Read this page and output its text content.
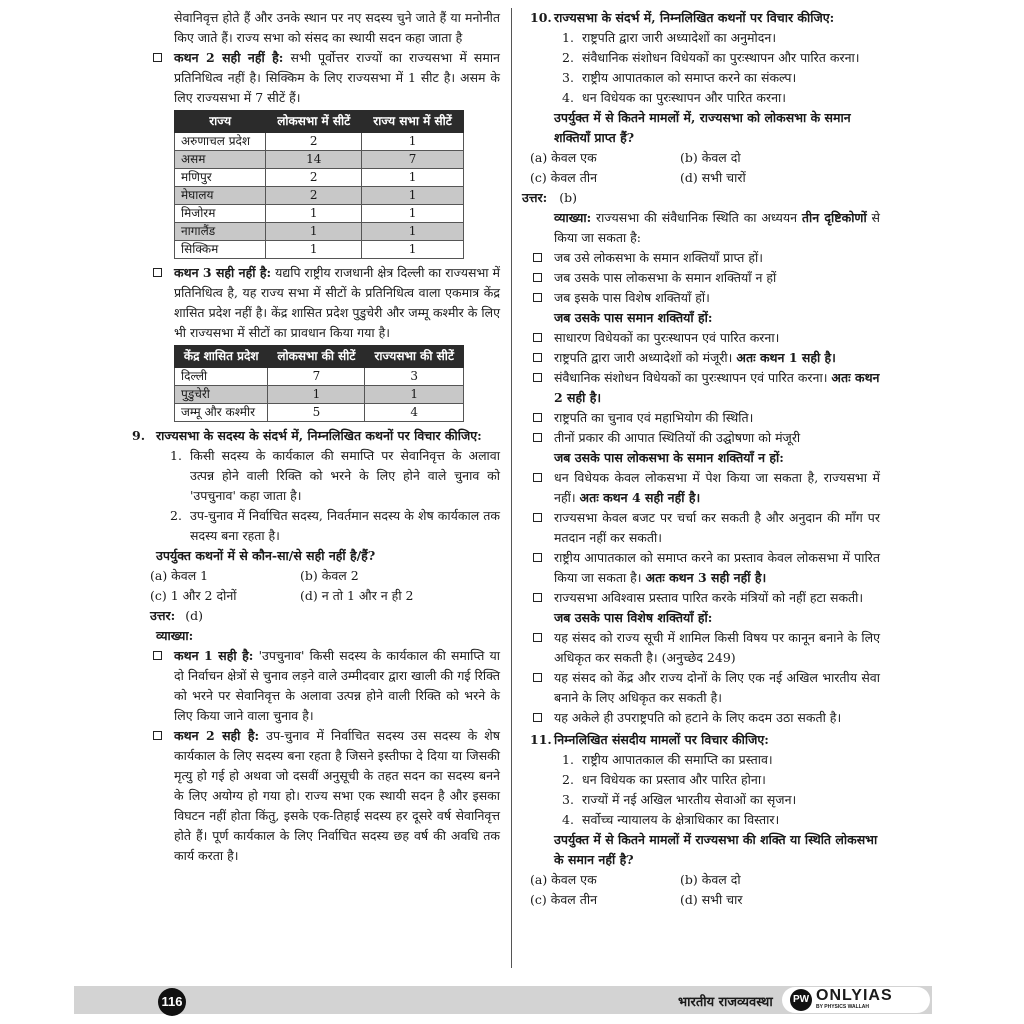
सेवानिवृत्त होते हैं और उनके स्थान पर नए सदस्य चुने जाते हैं या मनोनीत किए जाते हैं। राज्य सभा को संसद का स्थायी सदन कहा जाता है

कथन 2 सही नहीं है: सभी पूर्वोत्तर राज्यों का राज्यसभा में समान प्रतिनिधित्व नहीं है। सिक्किम के लिए राज्यसभा में 1 सीट है। असम के लिए राज्यसभा में 7 सीटें हैं।
राज्य	लोकसभा में सीटें	राज्य सभा में सीटें
अरुणाचल प्रदेश	2	1
असम	14	7
मणिपुर	2	1
मेघालय	2	1
मिजोरम	1	1
नागालैंड	1	1
सिक्किम	1	1
कथन 3 सही नहीं है: यद्यपि राष्ट्रीय राजधानी क्षेत्र दिल्ली का राज्यसभा में प्रतिनिधित्व है, यह राज्य सभा में सीटों के प्रतिनिधित्व वाला एकमात्र केंद्र शासित प्रदेश नहीं है। केंद्र शासित प्रदेश पुडुचेरी और जम्मू कश्मीर के लिए भी राज्यसभा में सीटों का प्रावधान किया गया है।
केंद्र शासित प्रदेश	लोकसभा की सीटें	राज्यसभा की सीटें
दिल्ली	7	3
पुडुचेरी	1	1
जम्मू और कश्मीर	5	4
9. राज्यसभा के सदस्य के संदर्भ में, निम्नलिखित कथनों पर विचार कीजिए:
1. किसी सदस्य के कार्यकाल की समाप्ति पर सेवानिवृत्त के अलावा उत्पन्न होने वाली रिक्ति को भरने के लिए होने वाले चुनाव को 'उपचुनाव' कहा जाता है।
2. उप-चुनाव में निर्वाचित सदस्य, निवर्तमान सदस्य के शेष कार्यकाल तक सदस्य बना रहता है।

उपर्युक्त कथनों में से कौन-सा/से सही नहीं है/हैं?

(a) केवल 1	(b) केवल 2
(c) 1 और 2 दोनों	(d) न तो 1 और न ही 2
उत्तर: (d)

व्याख्या:

कथन 1 सही है: 'उपचुनाव' किसी सदस्य के कार्यकाल की समाप्ति या दो निर्वाचन क्षेत्रों से चुनाव लड़ने वाले उम्मीदवार द्वारा खाली की गई रिक्ति को भरने पर सेवानिवृत्त के अलावा उत्पन्न होने वाली रिक्ति को भरने के लिए किया जाने वाला चुनाव है।
कथन 2 सही है: उप-चुनाव में निर्वाचित सदस्य उस सदस्य के शेष कार्यकाल के लिए सदस्य बना रहता है जिसने इस्तीफा दे दिया या जिसकी मृत्यु हो गई हो अथवा जो दसवीं अनुसूची के तहत सदन का सदस्य बनने के लिए अयोग्य हो गया हो। राज्य सभा एक स्थायी सदन है और इसका विघटन नहीं होता किंतु, इसके एक-तिहाई सदस्य हर दूसरे वर्ष सेवानिवृत्त होते हैं। पूर्ण कार्यकाल के लिए निर्वाचित सदस्य छह वर्ष की अवधि तक कार्य करता है।
10. राज्यसभा के संदर्भ में, निम्नलिखित कथनों पर विचार कीजिए:
1. राष्ट्रपति द्वारा जारी अध्यादेशों का अनुमोदन।
2. संवैधानिक संशोधन विधेयकों का पुरःस्थापन और पारित करना।
3. राष्ट्रीय आपातकाल को समाप्त करने का संकल्प।
4. धन विधेयक का पुरःस्थापन और पारित करना।

उपर्युक्त में से कितने मामलों में, राज्यसभा को लोकसभा के समान शक्तियाँ प्राप्त हैं?

(a) केवल एक	(b) केवल दो
(c) केवल तीन	(d) सभी चारों
उत्तर: (b)

व्याख्या: राज्यसभा की संवैधानिक स्थिति का अध्ययन तीन दृष्टिकोणों से किया जा सकता है:

जब उसे लोकसभा के समान शक्तियाँ प्राप्त हों।
जब उसके पास लोकसभा के समान शक्तियाँ न हों
जब इसके पास विशेष शक्तियाँ हों।

जब उसके पास समान शक्तियाँ हों:

साधारण विधेयकों का पुरःस्थापन एवं पारित करना।
राष्ट्रपति द्वारा जारी अध्यादेशों को मंजूरी। अतः कथन 1 सही है।
संवैधानिक संशोधन विधेयकों का पुरःस्थापन एवं पारित करना। अतः कथन 2 सही है।
राष्ट्रपति का चुनाव एवं महाभियोग की स्थिति।
तीनों प्रकार की आपात स्थितियों की उद्घोषणा को मंजूरी

जब उसके पास लोकसभा के समान शक्तियाँ न हों:

धन विधेयक केवल लोकसभा में पेश किया जा सकता है, राज्यसभा में नहीं। अतः कथन 4 सही नहीं है।
राज्यसभा केवल बजट पर चर्चा कर सकती है और अनुदान की माँग पर मतदान नहीं कर सकती।
राष्ट्रीय आपातकाल को समाप्त करने का प्रस्ताव केवल लोकसभा में पारित किया जा सकता है। अतः कथन 3 सही नहीं है।
राज्यसभा अविश्वास प्रस्ताव पारित करके मंत्रियों को नहीं हटा सकती।

जब उसके पास विशेष शक्तियाँ हों:

यह संसद को राज्य सूची में शामिल किसी विषय पर कानून बनाने के लिए अधिकृत कर सकती है। (अनुच्छेद 249)
यह संसद को केंद्र और राज्य दोनों के लिए एक नई अखिल भारतीय सेवा बनाने के लिए अधिकृत कर सकती है।
यह अकेले ही उपराष्ट्रपति को हटाने के लिए कदम उठा सकती है।
11. निम्नलिखित संसदीय मामलों पर विचार कीजिए:
1. राष्ट्रीय आपातकाल की समाप्ति का प्रस्ताव।
2. धन विधेयक का प्रस्ताव और पारित होना।
3. राज्यों में नई अखिल भारतीय सेवाओं का सृजन।
4. सर्वोच्च न्यायालय के क्षेत्राधिकार का विस्तार।

उपर्युक्त में से कितने मामलों में राज्यसभा की शक्ति या स्थिति लोकसभा के समान नहीं है?

(a) केवल एक	(b) केवल दो
(c) केवल तीन	(d) सभी चार
116	भारतीय राजव्यवस्था PW ONLYIAS
BY PHYSICS WALLAH
